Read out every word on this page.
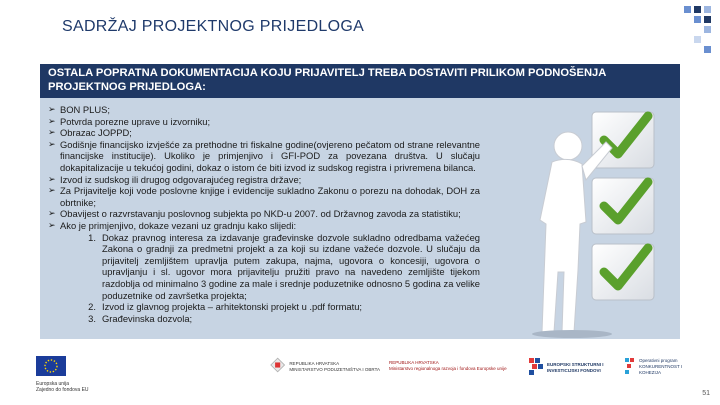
SADRŽAJ PROJEKTNOG PRIJEDLOGA
OSTALA POPRATNA DOKUMENTACIJA KOJU PRIJAVITELJ TREBA DOSTAVITI PRILIKOM PODNOŠENJA PROJEKTNOG PRIJEDLOGA:
➢ BON PLUS;
➢ Potvrda porezne uprave u izvorniku;
➢ Obrazac JOPPD;
➢ Godišnje financijsko izvješće za prethodne tri fiskalne godine(ovjereno pečatom od strane relevantne financijske institucije). Ukoliko je primjenjivo i GFI-POD za povezana društva. U slučaju dokapitalizacije u tekućoj godini, dokaz o istom će biti izvod iz sudskog registra i privremena bilanca.
➢ Izvod iz sudskog ili drugog odgovarajućeg registra države;
➢ Za Prijavitelje koji vode poslovne knjige i evidencije sukladno Zakonu o porezu na dohodak, DOH za obrtnike;
➢ Obavijest o razvrstavanju poslovnog subjekta po NKD-u 2007. od Državnog zavoda za statistiku;
➢ Ako je primjenjivo, dokaze vezani uz gradnju kako slijedi:
1. Dokaz pravnog interesa za izdavanje građevinske dozvole sukladno odredbama važećeg Zakona o gradnji za predmetni projekt a za koji su izdane važeće dozvole. U slučaju da prijavitelj zemljištem upravlja putem zakupa, najma, ugovora o koncesiji, ugovora o upravljanju i sl. ugovor mora prijavitelju pružiti pravo na navedeno zemljište tijekom razdoblja od minimalno 3 godine za male i srednje poduzetnike odnosno 5 godina za velike poduzetnike od završetka projekta;
2. Izvod iz glavnog projekta – arhitektonski projekt u .pdf formatu;
3. Građevinska dozvola;
Europska unija
Zajedno do fondova EU
REPUBLIKA HRVATSKA
MINISTARSTVO PODUZETNIŠTVA I OBRTA
REPUBLIKA HRVATSKA
Ministarstvo regionalnoga razvoja i fondova Europske unije
EUROPSKI STRUKTURNI I INVESTICIJSKI FONDOVI
Operativni program KONKURENTNOST I KOHEZIJA
51
